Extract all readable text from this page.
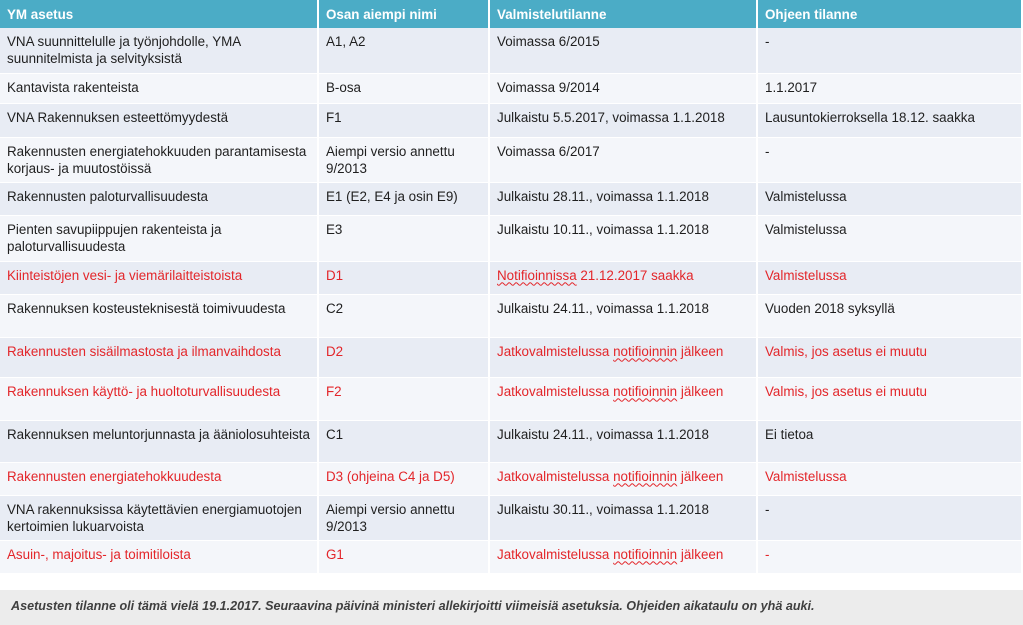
YM asetus	Osan aiempi nimi	Valmistelutilanne	Ohjeen tilanne
VNA suunnittelulle ja työnjohdolle, YMA suunnitelmista ja selvityksistä	A1, A2	Voimassa 6/2015	-
Kantavista rakenteista	B-osa	Voimassa 9/2014	1.1.2017
VNA Rakennuksen esteettömyydestä	F1	Julkaistu 5.5.2017, voimassa 1.1.2018	Lausuntokierroksella 18.12. saakka
Rakennusten energiatehokkuuden parantamisesta korjaus- ja muutostöissä	Aiempi versio annettu 9/2013	Voimassa 6/2017	-
Rakennusten paloturvallisuudesta	E1 (E2, E4 ja osin E9)	Julkaistu 28.11., voimassa 1.1.2018	Valmistelussa
Pienten savupiippujen rakenteista ja paloturvallisuudesta	E3	Julkaistu 10.11., voimassa 1.1.2018	Valmistelussa
Kiinteistöjen vesi- ja viemärilaitteistoista	D1	Notifioinnissa 21.12.2017 saakka	Valmistelussa
Rakennuksen kosteusteknisestä toimivuudesta	C2	Julkaistu 24.11., voimassa 1.1.2018	Vuoden 2018 syksyllä
Rakennusten sisäilmastosta ja ilmanvaihdosta	D2	Jatkovalmistelussa notifioinnin jälkeen	Valmis, jos asetus ei muutu
Rakennuksen käyttö- ja huoltoturvallisuudesta	F2	Jatkovalmistelussa notifioinnin jälkeen	Valmis, jos asetus ei muutu
Rakennuksen meluntorjunnasta ja ääniolosuhteista	C1	Julkaistu 24.11., voimassa 1.1.2018	Ei tietoa
Rakennusten energiatehokkuudesta	D3 (ohjeina C4 ja D5)	Jatkovalmistelussa notifioinnin jälkeen	Valmistelussa
VNA rakennuksissa käytettävien energiamuotojen kertoimien lukuarvoista	Aiempi versio annettu 9/2013	Julkaistu 30.11., voimassa 1.1.2018	-
Asuin-, majoitus- ja toimitiloista	G1	Jatkovalmistelussa notifioinnin jälkeen	-
Asetusten tilanne oli tämä vielä 19.1.2017. Seuraavina päivinä ministeri allekirjoitti viimeisiä asetuksia. Ohjeiden aikataulu on yhä auki.
